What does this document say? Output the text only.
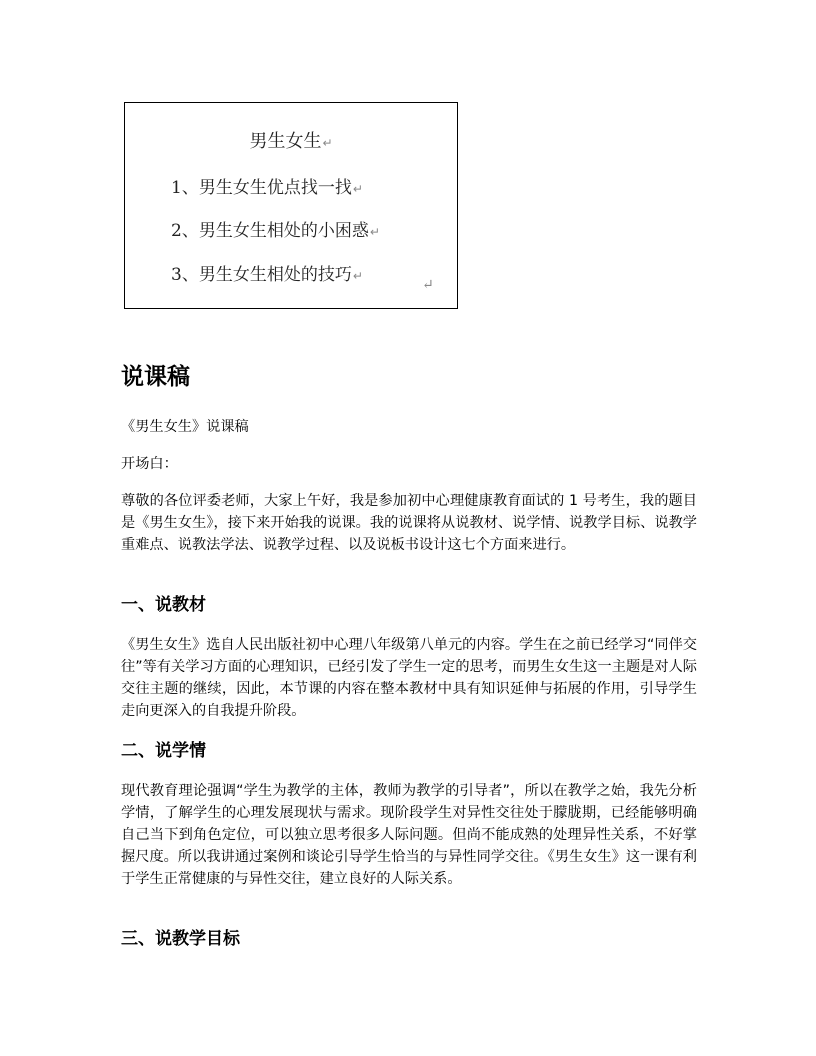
男生女生↵
1、男生女生优点找一找↵
2、男生女生相处的小困惑↵
3、男生女生相处的技巧↵
↵
说课稿

《男生女生》说课稿

开场白：

尊敬的各位评委老师，大家上午好，我是参加初中心理健康教育面试的 1 号考生，我的题目是《男生女生》，接下来开始我的说课。我的说课将从说教材、说学情、说教学目标、说教学重难点、说教法学法、说教学过程、以及说板书设计这七个方面来进行。

一、说教材

《男生女生》选自人民出版社初中心理八年级第八单元的内容。学生在之前已经学习“同伴交往”等有关学习方面的心理知识，已经引发了学生一定的思考，而男生女生这一主题是对人际交往主题的继续，因此，本节课的内容在整本教材中具有知识延伸与拓展的作用，引导学生走向更深入的自我提升阶段。

二、说学情

现代教育理论强调“学生为教学的主体，教师为教学的引导者”，所以在教学之始，我先分析学情，了解学生的心理发展现状与需求。现阶段学生对异性交往处于朦胧期，已经能够明确自己当下到角色定位，可以独立思考很多人际问题。但尚不能成熟的处理异性关系，不好掌握尺度。所以我讲通过案例和谈论引导学生恰当的与异性同学交往。《男生女生》这一课有利于学生正常健康的与异性交往，建立良好的人际关系。

三、说教学目标
